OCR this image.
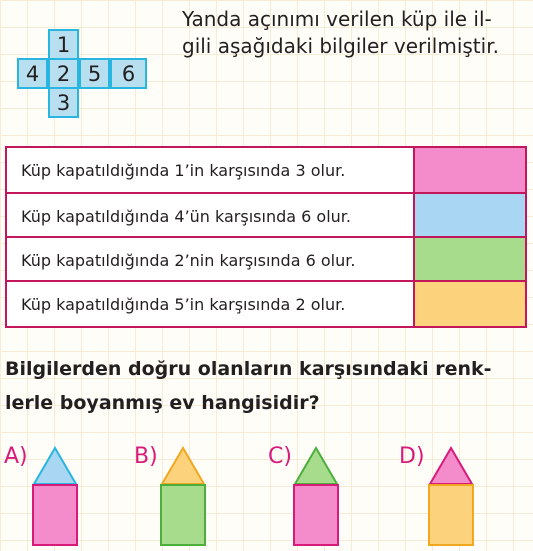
1
4 2 5 6
3
Yanda açınımı verilen küp ile il-
gili aşağıdaki bilgiler verilmiştir.
Küp kapatıldığında 1’in karşısında 3 olur.
Küp kapatıldığında 4’ün karşısında 6 olur.
Küp kapatıldığında 2’nin karşısında 6 olur.
Küp kapatıldığında 5’in karşısında 2 olur.
Bilgilerden doğru olanların karşısındaki renk-
lerle boyanmış ev hangisidir?
A)	B)	C)	D)
